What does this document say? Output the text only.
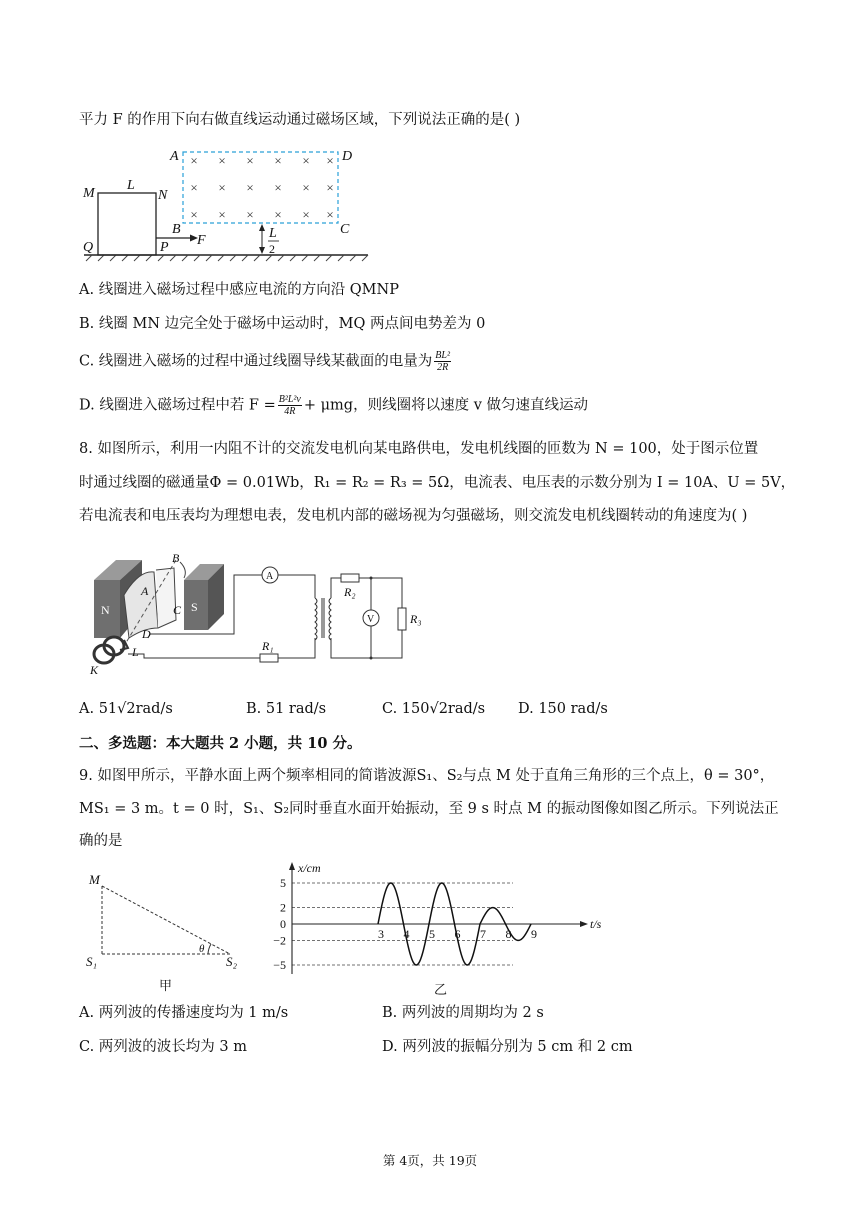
平力 F 的作用下向右做直线运动通过磁场区域，下列说法正确的是( )
× × × × × ×
× × × × × ×
× × × × × ×
A	D
M
L
N
B	C
P
Q	F	L
2
A. 线圈进入磁场过程中感应电流的方向沿 QMNP
B. 线圈 MN 边完全处于磁场中运动时，MQ 两点间电势差为 0
C. 线圈进入磁场的过程中通过线圈导线某截面的电量为 $\frac{\text{BL²}}{2R}$
D. 线圈进入磁场过程中若 $F = \frac{\text{B²L²v}}{4R} + \mu mg$，则线圈将以速度 v 做匀速直线运动
8. 如图所示，利用一内阻不计的交流发电机向某电路供电，发电机线圈的匝数为 N = 100，处于图示位置
时通过线圈的磁通量Φ = 0.01Wb，R₁ = R₂ = R₃ = 5Ω，电流表、电压表的示数分别为 I = 10A、U = 5V，
若电流表和电压表均为理想电表，发电机内部的磁场视为匀强磁场，则交流发电机线圈转动的角速度为( )
N	S
A
B
C
D
K
L
A
V
R₁
R₂
R₃
A. 51√2rad/s	B. 51 rad/s	C. 150√2rad/s D. 150 rad/s
二、多选题：本大题共 2 小题，共 10 分。
9. 如图甲所示，平静水面上两个频率相同的简谐波源S₁、S₂与点 M 处于直角三角形的三个点上，θ = 30°，
MS₁ = 3 m。t = 0 时，S₁、S₂同时垂直水面开始振动，至 9 s 时点 M 的振动图像如图乙所示。下列说法正
确的是
M
S₁	S₂
θ
甲
5
2
0
−2
−5
3 4 5 6 7 8 9
x/cm
t/s
乙
A. 两列波的传播速度均为 1 m/s	B. 两列波的周期均为 2 s
C. 两列波的波长均为 3 m	D. 两列波的振幅分别为 5 cm 和 2 cm
第 4页，共 19页
